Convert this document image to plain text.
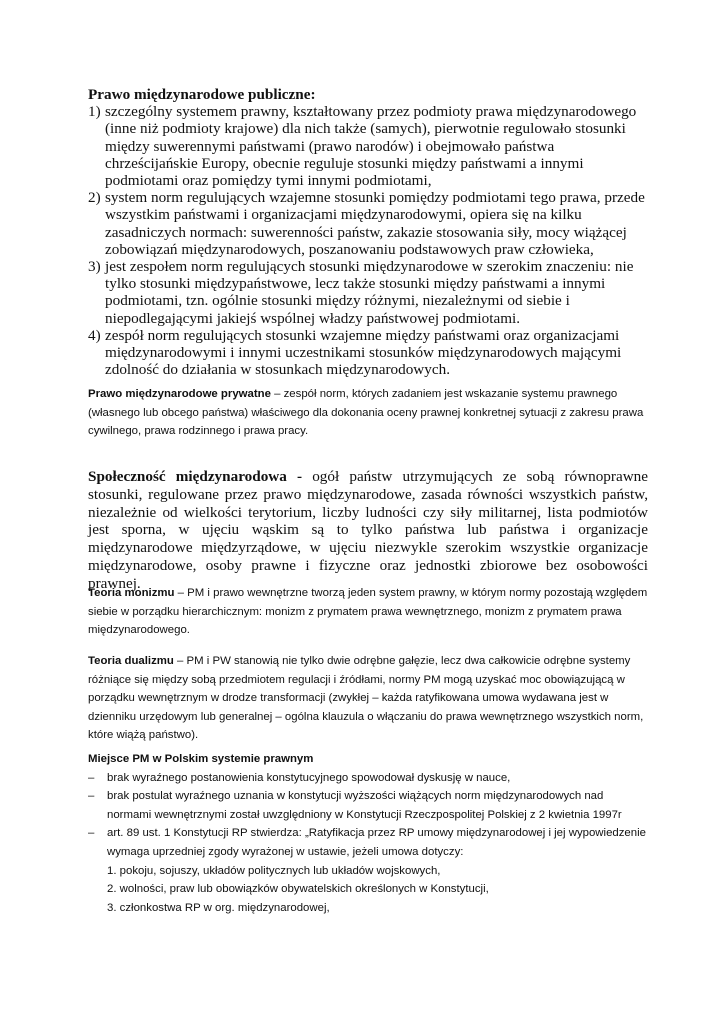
Prawo międzynarodowe publiczne:

1) szczególny systemem prawny, kształtowany przez podmioty prawa międzynarodowego (inne niż podmioty krajowe) dla nich także (samych), pierwotnie regulowało stosunki między suwerennymi państwami (prawo narodów) i obejmowało państwa chrześcijańskie Europy, obecnie reguluje stosunki między państwami a innymi podmiotami oraz pomiędzy tymi innymi podmiotami,
2) system norm regulujących wzajemne stosunki pomiędzy podmiotami tego prawa, przede wszystkim państwami i organizacjami międzynarodowymi, opiera się na kilku zasadniczych normach: suwerenności państw, zakazie stosowania siły, mocy wiążącej zobowiązań międzynarodowych, poszanowaniu podstawowych praw człowieka,
3) jest zespołem norm regulujących stosunki międzynarodowe w szerokim znaczeniu: nie tylko stosunki międzypaństwowe, lecz także stosunki między państwami a innymi podmiotami, tzn. ogólnie stosunki między różnymi, niezależnymi od siebie i niepodlegającymi jakiejś wspólnej władzy państwowej podmiotami.
4) zespół norm regulujących stosunki wzajemne między państwami oraz organizacjami międzynarodowymi i innymi uczestnikami stosunków międzynarodowych mającymi zdolność do działania w stosunkach międzynarodowych.

Prawo międzynarodowe prywatne – zespół norm, których zadaniem jest wskazanie systemu prawnego (własnego lub obcego państwa) właściwego dla dokonania oceny prawnej konkretnej sytuacji z zakresu prawa cywilnego, prawa rodzinnego i prawa pracy.

Społeczność międzynarodowa - ogół państw utrzymujących ze sobą równoprawne stosunki, regulowane przez prawo międzynarodowe, zasada równości wszystkich państw, niezależnie od wielkości terytorium, liczby ludności czy siły militarnej, lista podmiotów jest sporna, w ujęciu wąskim są to tylko państwa lub państwa i organizacje międzynarodowe międzyrządowe, w ujęciu niezwykle szerokim wszystkie organizacje międzynarodowe, osoby prawne i fizyczne oraz jednostki zbiorowe bez osobowości prawnej.

Teoria monizmu – PM i prawo wewnętrzne tworzą jeden system prawny, w którym normy pozostają względem siebie w porządku hierarchicznym: monizm z prymatem prawa wewnętrznego, monizm z prymatem prawa międzynarodowego.

Teoria dualizmu – PM i PW stanowią nie tylko dwie odrębne gałęzie, lecz dwa całkowicie odrębne systemy różniące się między sobą przedmiotem regulacji i źródłami, normy PM mogą uzyskać moc obowiązującą w porządku wewnętrznym w drodze transformacji (zwykłej – każda ratyfikowana umowa wydawana jest w dzienniku urzędowym lub generalnej – ogólna klauzula o włączaniu do prawa wewnętrznego wszystkich norm, które wiążą państwo).

Miejsce PM w Polskim systemie prawnym

– brak wyraźnego postanowienia konstytucyjnego spowodował dyskusję w nauce,
– brak postulat wyraźnego uznania w konstytucji wyższości wiążących norm międzynarodowych nad normami wewnętrznymi został uwzględniony w Konstytucji Rzeczpospolitej Polskiej z 2 kwietnia 1997r
– art. 89 ust. 1 Konstytucji RP stwierdza: „Ratyfikacja przez RP umowy międzynarodowej i jej wypowiedzenie wymaga uprzedniej zgody wyrażonej w ustawie, jeżeli umowa dotyczy:
1. pokoju, sojuszy, układów politycznych lub układów wojskowych,
2. wolności, praw lub obowiązków obywatelskich określonych w Konstytucji,
3. członkostwa RP w org. międzynarodowej,
